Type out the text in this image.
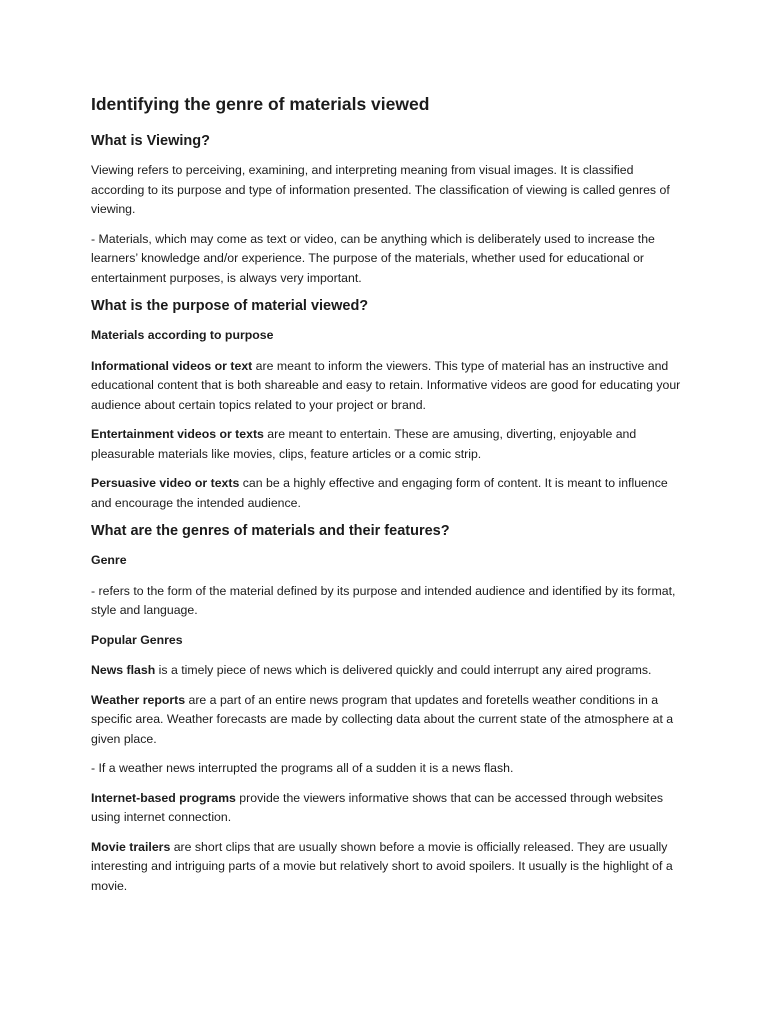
Identifying the genre of materials viewed
What is Viewing?

Viewing refers to perceiving, examining, and interpreting meaning from visual images. It is classified according to its purpose and type of information presented. The classification of viewing is called genres of viewing.

- Materials, which may come as text or video, can be anything which is deliberately used to increase the learners’ knowledge and/or experience. The purpose of the materials, whether used for educational or entertainment purposes, is always very important.

What is the purpose of material viewed?

Materials according to purpose

Informational videos or text are meant to inform the viewers. This type of material has an instructive and educational content that is both shareable and easy to retain. Informative videos are good for educating your audience about certain topics related to your project or brand.

Entertainment videos or texts are meant to entertain. These are amusing, diverting, enjoyable and pleasurable materials like movies, clips, feature articles or a comic strip.

Persuasive video or texts can be a highly effective and engaging form of content. It is meant to influence and encourage the intended audience.

What are the genres of materials and their features?

Genre

- refers to the form of the material defined by its purpose and intended audience and identified by its format, style and language.

Popular Genres

News flash is a timely piece of news which is delivered quickly and could interrupt any aired programs.

Weather reports are a part of an entire news program that updates and foretells weather conditions in a specific area. Weather forecasts are made by collecting data about the current state of the atmosphere at a given place.

- If a weather news interrupted the programs all of a sudden it is a news flash.

Internet-based programs provide the viewers informative shows that can be accessed through websites using internet connection.

Movie trailers are short clips that are usually shown before a movie is officially released. They are usually interesting and intriguing parts of a movie but relatively short to avoid spoilers. It usually is the highlight of a movie.
